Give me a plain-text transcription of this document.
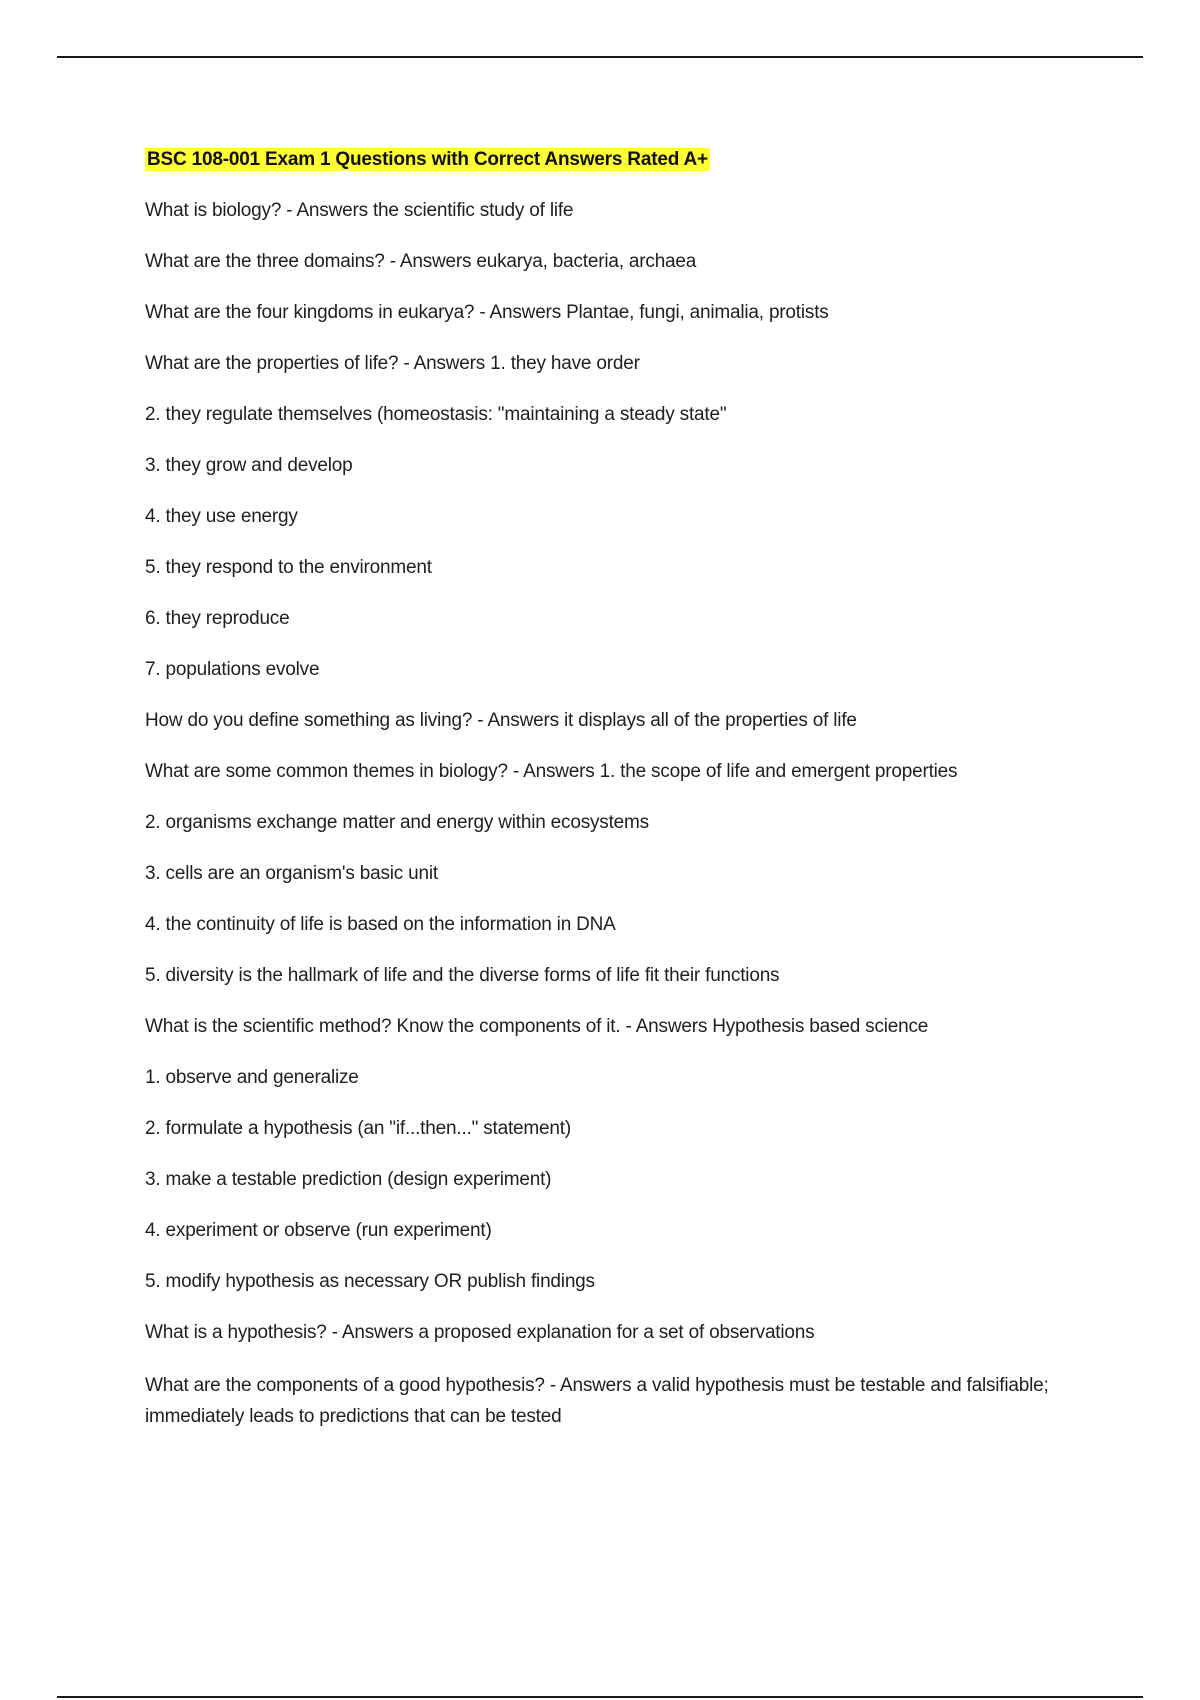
BSC 108-001 Exam 1 Questions with Correct Answers Rated A+

What is biology? - Answers the scientific study of life

What are the three domains? - Answers eukarya, bacteria, archaea

What are the four kingdoms in eukarya? - Answers Plantae, fungi, animalia, protists

What are the properties of life? - Answers 1. they have order

2. they regulate themselves (homeostasis: "maintaining a steady state"

3. they grow and develop

4. they use energy

5. they respond to the environment

6. they reproduce

7. populations evolve

How do you define something as living? - Answers it displays all of the properties of life

What are some common themes in biology? - Answers 1. the scope of life and emergent properties

2. organisms exchange matter and energy within ecosystems

3. cells are an organism's basic unit

4. the continuity of life is based on the information in DNA

5. diversity is the hallmark of life and the diverse forms of life fit their functions

What is the scientific method? Know the components of it. - Answers Hypothesis based science

1. observe and generalize

2. formulate a hypothesis (an "if...then..." statement)

3. make a testable prediction (design experiment)

4. experiment or observe (run experiment)

5. modify hypothesis as necessary OR publish findings

What is a hypothesis? - Answers a proposed explanation for a set of observations

What are the components of a good hypothesis? - Answers a valid hypothesis must be testable and falsifiable; immediately leads to predictions that can be tested
